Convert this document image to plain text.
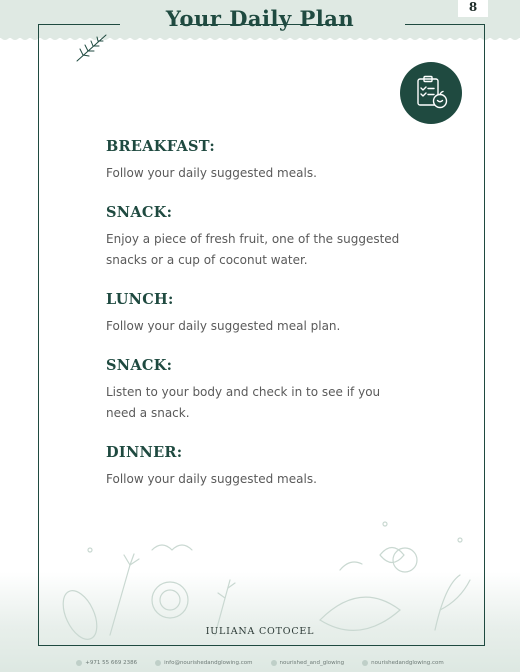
Your Daily Plan	8
BREAKFAST:

Follow your daily suggested meals.

SNACK:

Enjoy a piece of fresh fruit, one of the suggested snacks or a cup of coconut water.

LUNCH:

Follow your daily suggested meal plan.

SNACK:

Listen to your body and check in to see if you need a snack.

DINNER:

Follow your daily suggested meals.

IULIANA COTOCEL
+971 55 669 2386	info@nourishedandglowing.com	nourished_and_glowing	nourishedandglowing.com
